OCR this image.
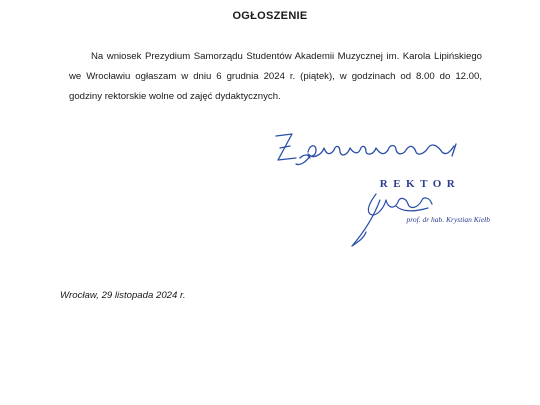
OGŁOSZENIE

Na wniosek Prezydium Samorządu Studentów Akademii Muzycznej im. Karola Lipińskiego we Wrocławiu ogłaszam w dniu 6 grudnia 2024 r. (piątek), w godzinach od 8.00 do 12.00, godziny rektorskie wolne od zajęć dydaktycznych.

REKTOR
prof. dr hab. Krystian Kiełb
Wrocław, 29 listopada 2024 r.
